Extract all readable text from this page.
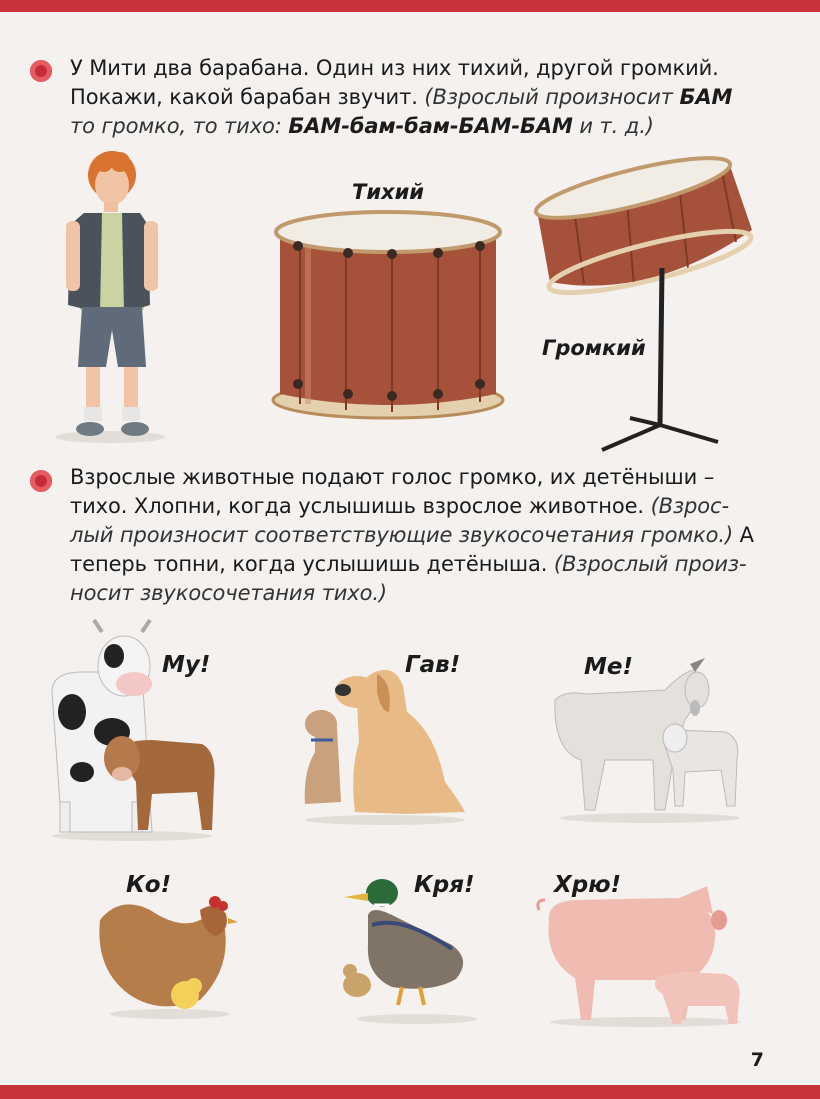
У Мити два барабана. Один из них тихий, другой громкий.
Покажи, какой барабан звучит. (Взрослый произносит БАМ
то громко, то тихо: БАМ-бам-бам-БАМ-БАМ и т. д.)
Тихий
Громкий
Взрослые животные подают голос громко, их детёныши –
тихо. Хлопни, когда услышишь взрослое животное. (Взрос-
лый произносит соответствующие звукосочетания громко.) А
теперь топни, когда услышишь детёныша. (Взрослый произ-
носит звукосочетания тихо.)
Му!	Гав!	Ме!
Ко!	Кря!	Хрю!
7
